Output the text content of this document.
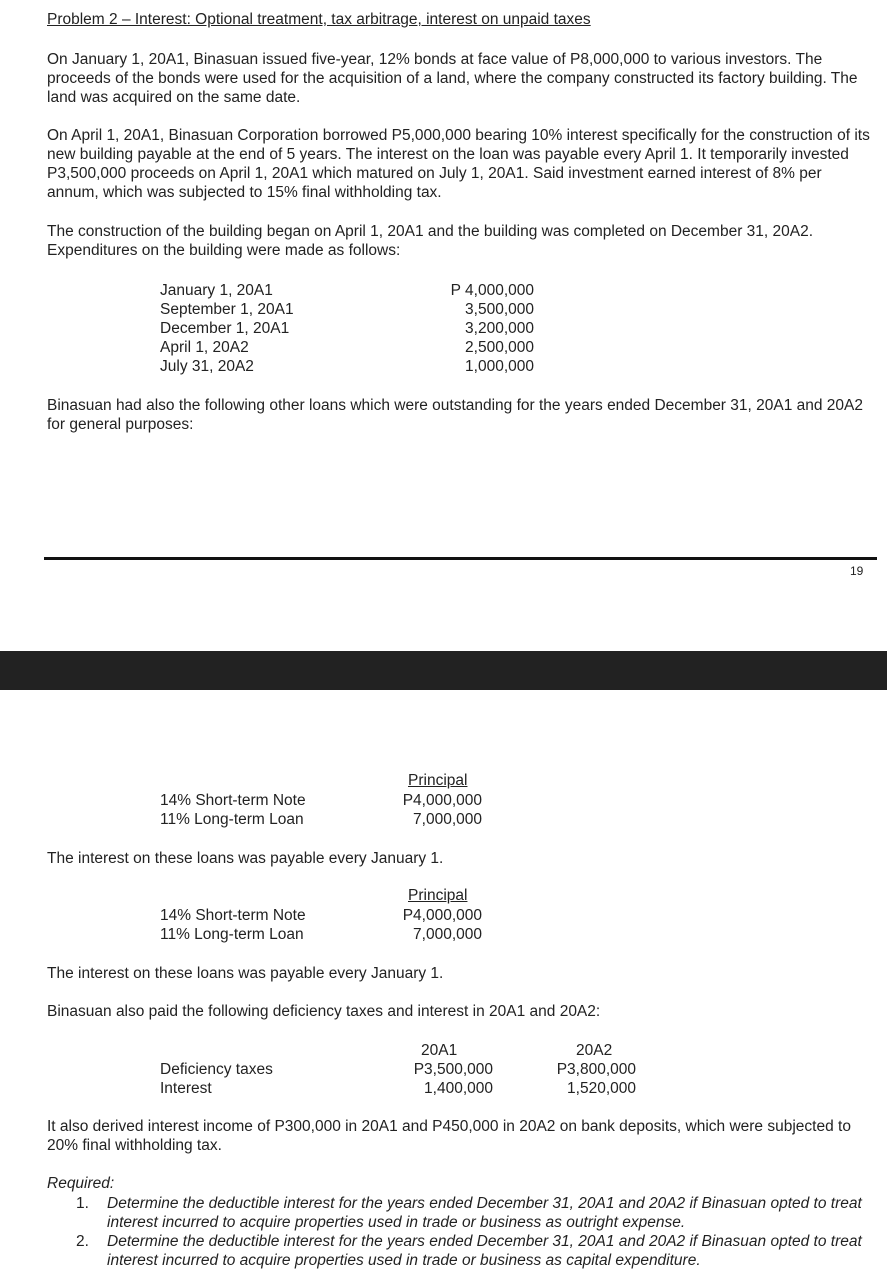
Problem 2 – Interest: Optional treatment, tax arbitrage, interest on unpaid taxes

On January 1, 20A1, Binasuan issued five-year, 12% bonds at face value of P8,000,000 to various investors. The proceeds of the bonds were used for the acquisition of a land, where the company constructed its factory building. The land was acquired on the same date.

On April 1, 20A1, Binasuan Corporation borrowed P5,000,000 bearing 10% interest specifically for the construction of its new building payable at the end of 5 years. The interest on the loan was payable every April 1. It temporarily invested P3,500,000 proceeds on April 1, 20A1 which matured on July 1, 20A1. Said investment earned interest of 8% per annum, which was subjected to 15% final withholding tax.

The construction of the building began on April 1, 20A1 and the building was completed on December 31, 20A2. Expenditures on the building were made as follows:

January 1, 20A1	P 4,000,000
September 1, 20A1	3,500,000
December 1, 20A1	3,200,000
April 1, 20A2	2,500,000
July 31, 20A2	1,000,000

Binasuan had also the following other loans which were outstanding for the years ended December 31, 20A1 and 20A2 for general purposes:

19
Principal
14% Short-term Note	P4,000,000
11% Long-term Loan	7,000,000

The interest on these loans was payable every January 1.

Principal
14% Short-term Note	P4,000,000
11% Long-term Loan	7,000,000

The interest on these loans was payable every January 1.

Binasuan also paid the following deficiency taxes and interest in 20A1 and 20A2:

20A1	20A2
Deficiency taxes	P3,500,000	P3,800,000
Interest	1,400,000	1,520,000

It also derived interest income of P300,000 in 20A1 and P450,000 in 20A2 on bank deposits, which were subjected to 20% final withholding tax.

Required:
1. Determine the deductible interest for the years ended December 31, 20A1 and 20A2 if Binasuan opted to treat interest incurred to acquire properties used in trade or business as outright expense.
2. Determine the deductible interest for the years ended December 31, 20A1 and 20A2 if Binasuan opted to treat interest incurred to acquire properties used in trade or business as capital expenditure.
